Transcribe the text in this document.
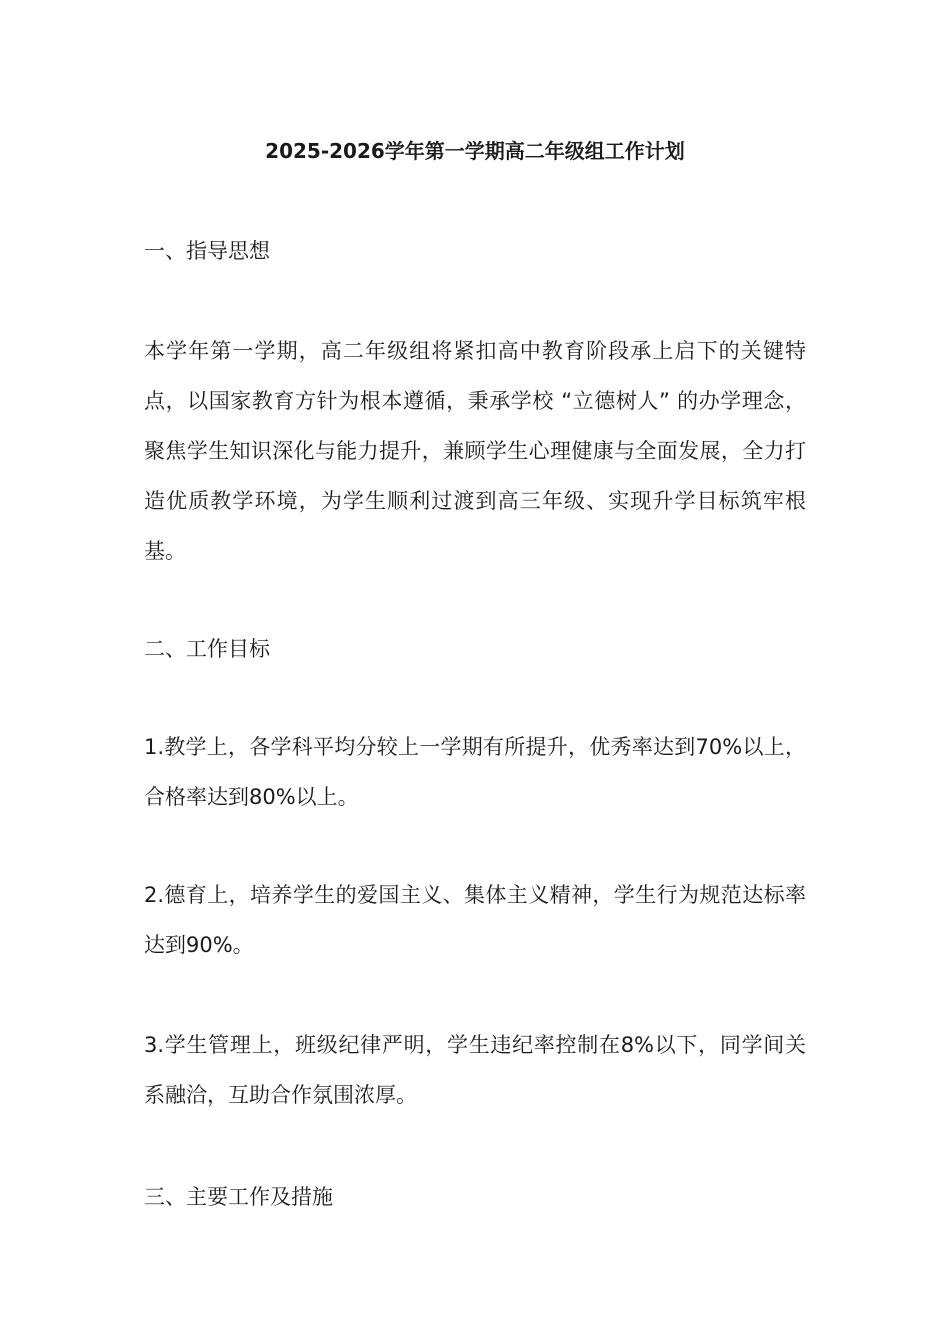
2025-2026学年第一学期高二年级组工作计划
一、指导思想
本学年第一学期，高二年级组将紧扣高中教育阶段承上启下的关键特点，以国家教育方针为根本遵循，秉承学校 “立德树人” 的办学理念，聚焦学生知识深化与能力提升，兼顾学生心理健康与全面发展，全力打造优质教学环境，为学生顺利过渡到高三年级、实现升学目标筑牢根基。
二、工作目标
1.教学上，各学科平均分较上一学期有所提升，优秀率达到70%以上，合格率达到80%以上。
2.德育上，培养学生的爱国主义、集体主义精神，学生行为规范达标率达到90%。
3.学生管理上，班级纪律严明，学生违纪率控制在8%以下，同学间关系融洽，互助合作氛围浓厚。
三、主要工作及措施
